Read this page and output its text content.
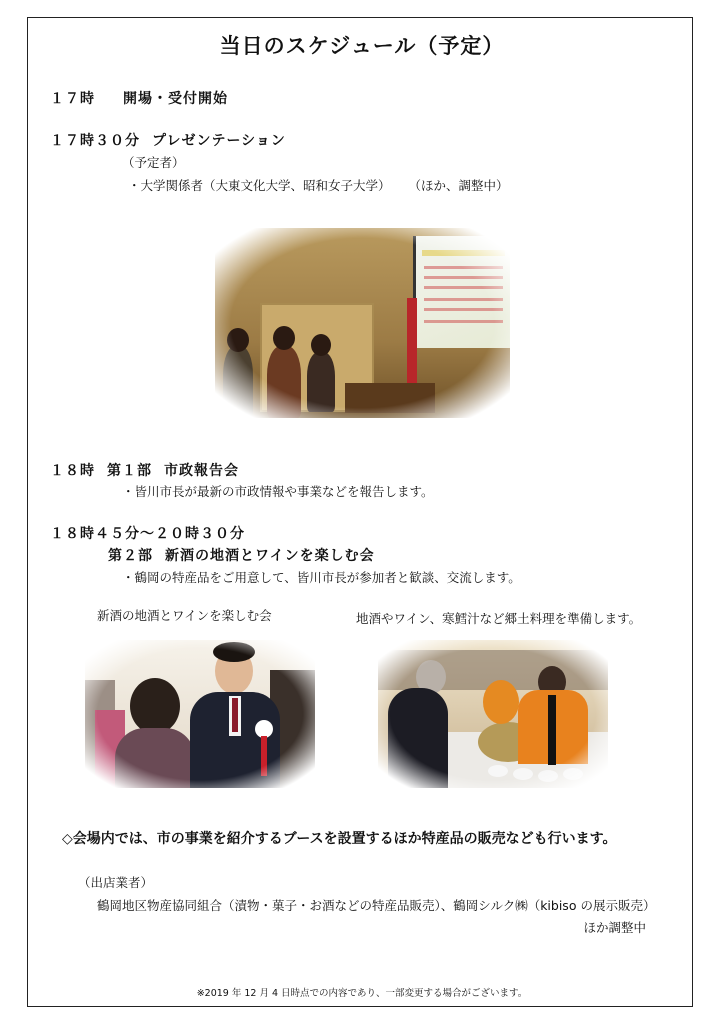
当日のスケジュール（予定）
１７時 開場・受付開始
１７時３０分 プレゼンテーション
（予定者）
・大学関係者（大東文化大学、昭和女子大学） （ほか、調整中）
１８時 第１部 市政報告会
・皆川市長が最新の市政情報や事業などを報告します。
１８時４５分～２０時３０分
第２部 新酒の地酒とワインを楽しむ会
・鶴岡の特産品をご用意して、皆川市長が参加者と歓談、交流します。
新酒の地酒とワインを楽しむ会	地酒やワイン、寒鱈汁など郷土料理を準備します。
◇会場内では、市の事業を紹介するブースを設置するほか特産品の販売なども行います。
（出店業者）
鶴岡地区物産協同組合（漬物・菓子・お酒などの特産品販売）、鶴岡シルク㈱（kibiso の展示販売）
ほか調整中
※2019 年 12 月 4 日時点での内容であり、一部変更する場合がございます。
